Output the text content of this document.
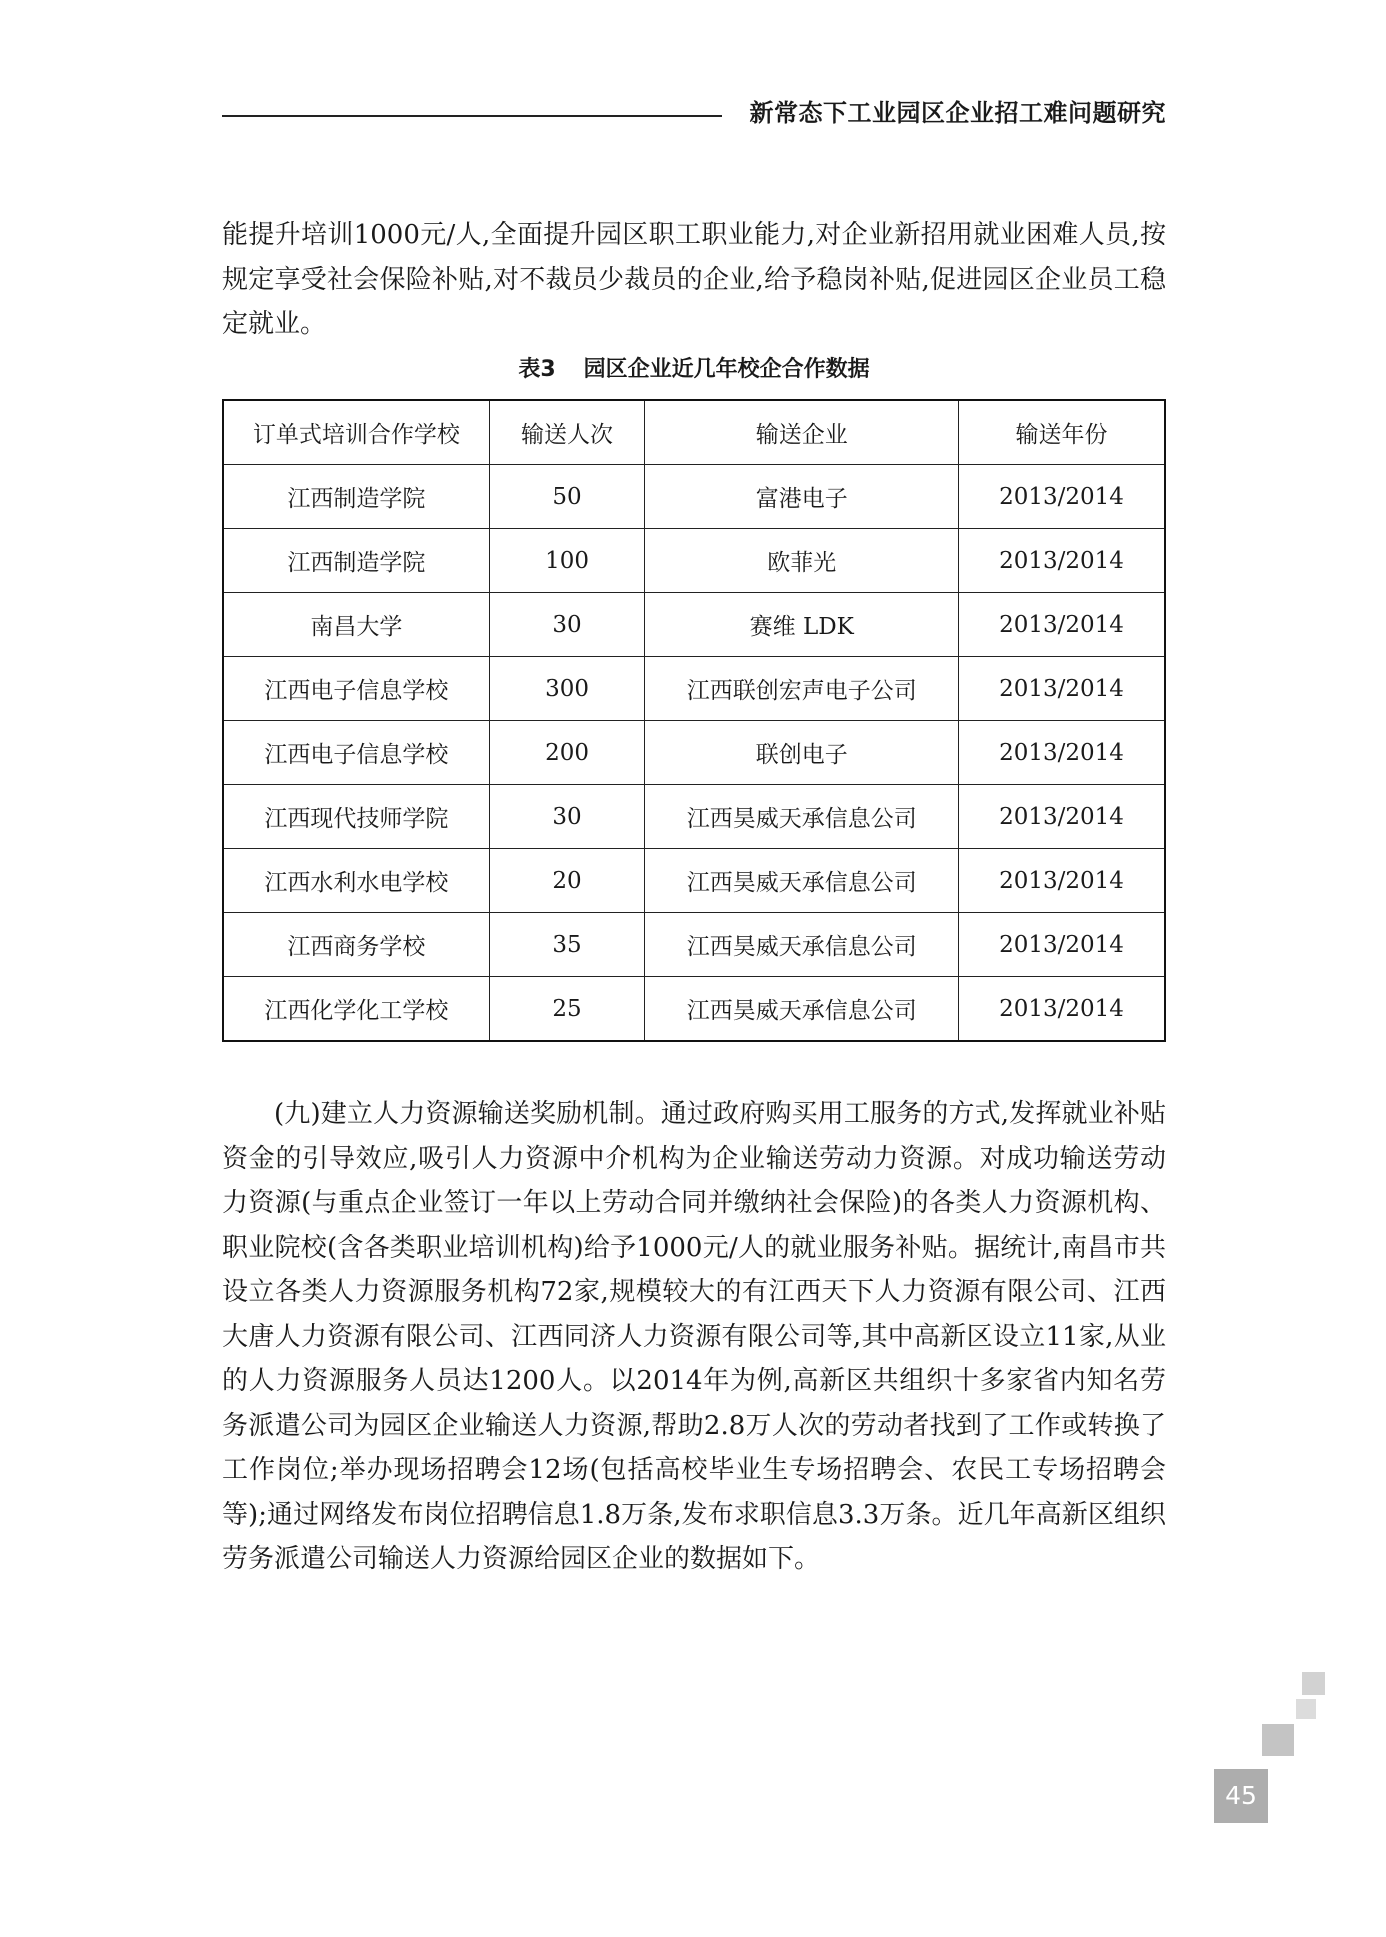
新常态下工业园区企业招工难问题研究

能提升培训1000元/人,全面提升园区职工职业能力,对企业新招用就业困难人员,按规定享受社会保险补贴,对不裁员少裁员的企业,给予稳岗补贴,促进园区企业员工稳定就业。

表3 园区企业近几年校企合作数据
订单式培训合作学校	输送人次	输送企业	输送年份
江西制造学院	50	富港电子	2013/2014
江西制造学院	100	欧菲光	2013/2014
南昌大学	30	赛维 LDK	2013/2014
江西电子信息学校	300	江西联创宏声电子公司	2013/2014
江西电子信息学校	200	联创电子	2013/2014
江西现代技师学院	30	江西昊威天承信息公司	2013/2014
江西水利水电学校	20	江西昊威天承信息公司	2013/2014
江西商务学校	35	江西昊威天承信息公司	2013/2014
江西化学化工学校	25	江西昊威天承信息公司	2013/2014

(九)建立人力资源输送奖励机制。通过政府购买用工服务的方式,发挥就业补贴资金的引导效应,吸引人力资源中介机构为企业输送劳动力资源。对成功输送劳动力资源(与重点企业签订一年以上劳动合同并缴纳社会保险)的各类人力资源机构、职业院校(含各类职业培训机构)给予1000元/人的就业服务补贴。据统计,南昌市共设立各类人力资源服务机构72家,规模较大的有江西天下人力资源有限公司、江西大唐人力资源有限公司、江西同济人力资源有限公司等,其中高新区设立11家,从业的人力资源服务人员达1200人。以2014年为例,高新区共组织十多家省内知名劳务派遣公司为园区企业输送人力资源,帮助2.8万人次的劳动者找到了工作或转换了工作岗位;举办现场招聘会12场(包括高校毕业生专场招聘会、农民工专场招聘会等);通过网络发布岗位招聘信息1.8万条,发布求职信息3.3万条。近几年高新区组织劳务派遣公司输送人力资源给园区企业的数据如下。

45
